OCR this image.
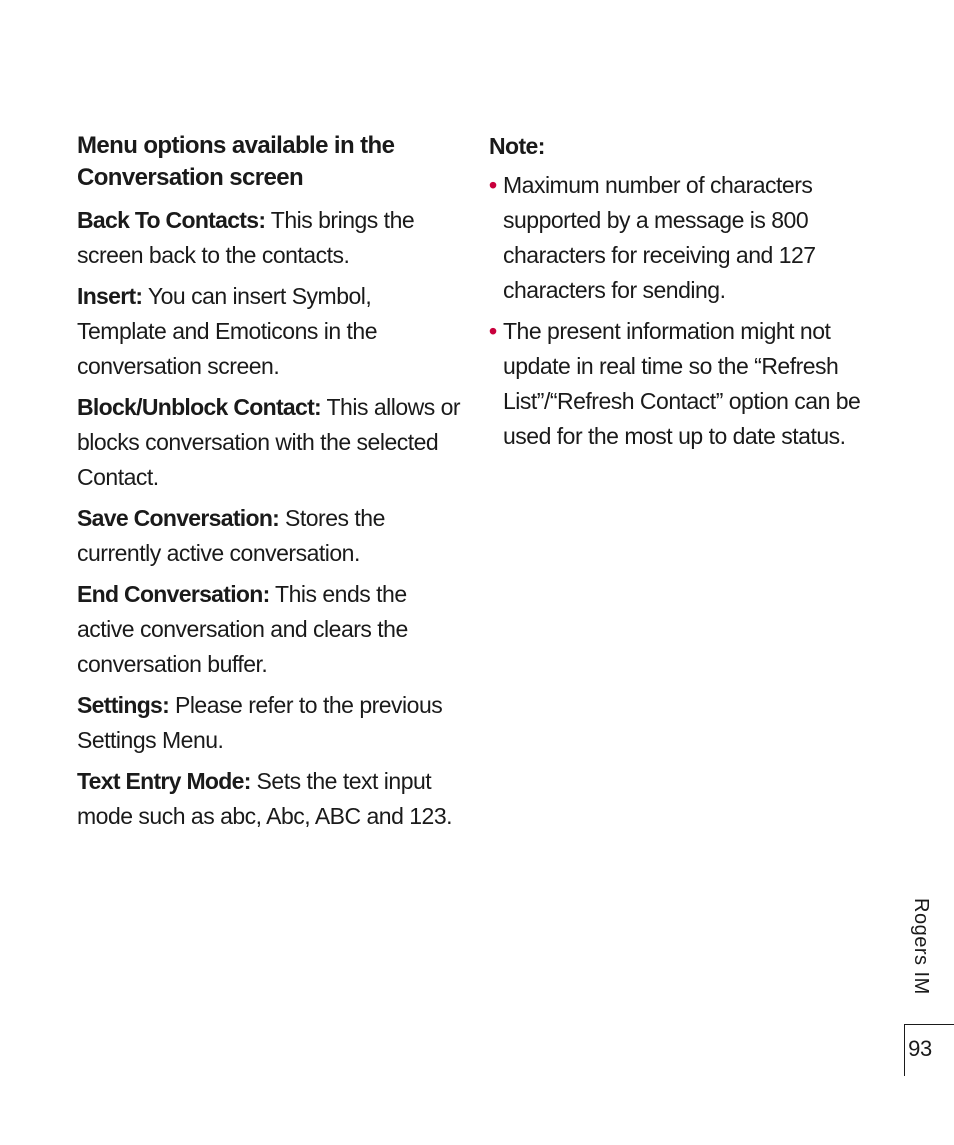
Menu options available in the Conversation screen
Back To Contacts: This brings the screen back to the contacts.
Insert: You can insert Symbol, Template and Emoticons in the conversation screen.
Block/Unblock Contact: This allows or blocks conversation with the selected Contact.
Save Conversation: Stores the currently active conversation.
End Conversation: This ends the active conversation and clears the conversation buffer.
Settings: Please refer to the previous Settings Menu.
Text Entry Mode: Sets the text input mode such as abc, Abc, ABC and 123.
Note:
• Maximum number of characters supported by a message is 800 characters for receiving and 127 characters for sending.
• The present information might not update in real time so the “Refresh List”/“Refresh Contact” option can be used for the most up to date status.
Rogers IM
93
